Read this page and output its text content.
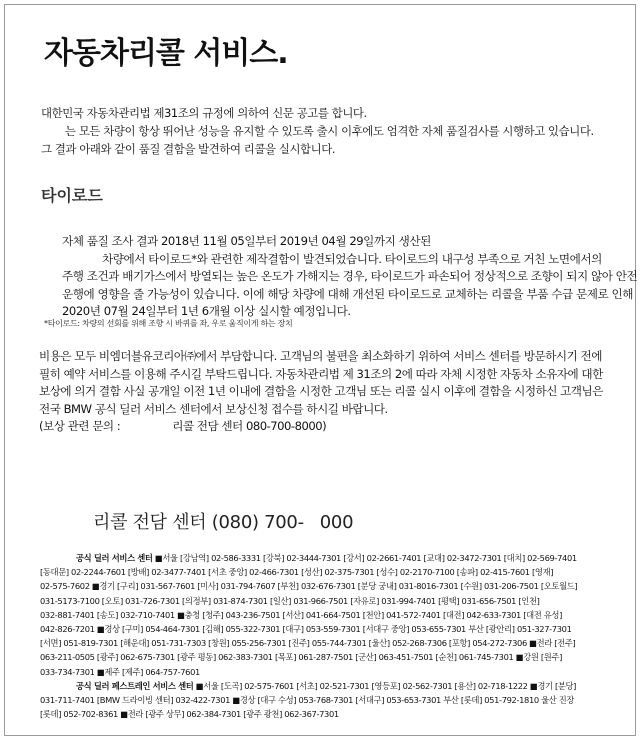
자동차리콜 서비스.

대한민국 자동차관리법 제31조의 규정에 의하여 신문 공고를 합니다.

는 모든 차량이 항상 뛰어난 성능을 유지할 수 있도록 출시 이후에도 엄격한 자체 품질검사를 시행하고 있습니다.

그 결과 아래와 같이 품질 결함을 발견하여 리콜을 실시합니다.

타이로드

자체 품질 조사 결과 2018년 11월 05일부터 2019년 04월 29일까지 생산된

차량에서 타이로드*와 관련한 제작결함이 발견되었습니다. 타이로드의 내구성 부족으로 거친 노면에서의

주행 조건과 배기가스에서 방열되는 높은 온도가 가해지는 경우, 타이로드가 파손되어 정상적으로 조향이 되지 않아 안전

운행에 영향을 줄 가능성이 있습니다. 이에 해당 차량에 대해 개선된 타이로드로 교체하는 리콜을 부품 수급 문제로 인해

2020년 07월 24일부터 1년 6개월 이상 실시할 예정입니다.

*타이로드: 차량의 선회를 위해 조향 시 바퀴를 좌, 우로 움직이게 하는 장치

비용은 모두 비엠더블유코리아㈜에서 부담합니다. 고객님의 불편을 최소화하기 위하여 서비스 센터를 방문하시기 전에

필히 예약 서비스를 이용해 주시길 부탁드립니다. 자동차관리법 제 31조의 2에 따라 자체 시정한 자동차 소유자에 대한

보상에 의거 결함 사실 공개일 이전 1년 이내에 결함을 시정한 고객님 또는 리콜 실시 이후에 결함을 시정하신 고객님은

전국 BMW 공식 딜러 서비스 센터에서 보상신청 접수를 하시길 바랍니다.

(보상 관련 문의 :	리콜 전담 센터 080-700-8000)

리콜 전담 센터 (080) 700- 000

공식 딜러 서비스 센터 ■서울 [강남역] 02-586-3331 [강북] 02-3444-7301 [강서] 02-2661-7401 [교대] 02-3472-7301 [대치] 02-569-7401

[동대문] 02-2244-7601 [방배] 02-3477-7401 [서초 중앙] 02-466-7301 [성산] 02-375-7301 [성수] 02-2170-7100 [송파] 02-415-7601 [영재]

02-575-7602 ■경기 [구리] 031-567-7601 [미사] 031-794-7607 [부천] 032-676-7301 [분당 궁내] 031-8016-7301 [수원] 031-206-7501 [오토월드]

031-5173-7100 [오토] 031-726-7301 [의정부] 031-874-7301 [일산] 031-966-7501 [자유로] 031-994-7401 [평택] 031-656-7501 [인천]

032-881-7401 [송도] 032-710-7401 ■충청 [청주] 043-236-7501 [서산] 041-664-7501 [천안] 041-572-7401 [대전] 042-633-7301 [대전 유성]

042-826-7201 ■경상 [구미] 054-464-7301 [김해] 055-322-7301 [대구] 053-559-7301 [서대구 중앙] 053-655-7301 부산 [광안리] 051-327-7301

[서면] 051-819-7301 [해운대] 051-731-7303 [창원] 055-256-7301 [진주] 055-744-7301 [울산] 052-268-7306 [포항] 054-272-7306 ■전라 [전주]

063-211-0505 [광주] 062-675-7301 [광주 평동] 062-383-7301 [목포] 061-287-7501 [군산] 063-451-7501 [순천] 061-745-7301 ■강원 [원주]

033-734-7301 ■제주 [제주] 064-757-7601

공식 딜러 페스트레인 서비스 센터 ■서울 [도곡] 02-575-7601 [서초] 02-521-7301 [영등포] 02-562-7301 [용산] 02-718-1222 ■경기 [분당]

031-711-7401 [BMW 드라이빙 센터] 032-422-7301 ■경상 [대구 수성] 053-768-7301 [서대구] 053-653-7301 부산 [롯데] 051-792-1810 울산 진장

[롯데] 052-702-8361 ■전라 [광주 상무] 062-384-7301 [광주 광천] 062-367-7301
